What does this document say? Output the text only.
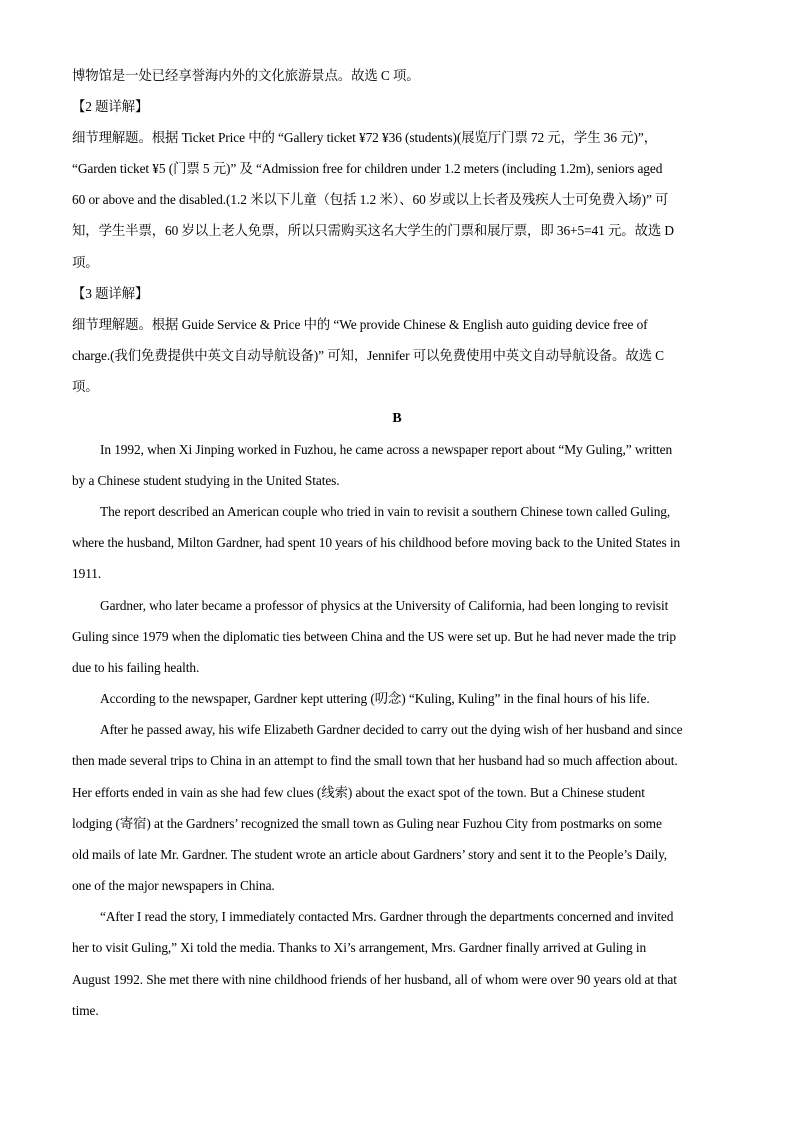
博物馆是一处已经享誉海内外的文化旅游景点。故选 C 项。
【2 题详解】
细节理解题。根据 Ticket Price 中的 “Gallery ticket ¥72 ¥36 (students)(展览厅门票 72 元，学生 36 元)”，
“Garden ticket ¥5 (门票 5 元)” 及 “Admission free for children under 1.2 meters (including 1.2m), seniors aged
60 or above and the disabled.(1.2 米以下儿童（包括 1.2 米）、60 岁或以上长者及残疾人士可免费入场)” 可
知，学生半票，60 岁以上老人免票，所以只需购买这名大学生的门票和展厅票，即 36+5=41 元。故选 D
项。
【3 题详解】
细节理解题。根据 Guide Service & Price 中的 “We provide Chinese & English auto guiding device free of
charge.(我们免费提供中英文自动导航设备)” 可知，Jennifer 可以免费使用中英文自动导航设备。故选 C
项。
B
In 1992, when Xi Jinping worked in Fuzhou, he came across a newspaper report about “My Guling,” written
by a Chinese student studying in the United States.
The report described an American couple who tried in vain to revisit a southern Chinese town called Guling,
where the husband, Milton Gardner, had spent 10 years of his childhood before moving back to the United States in
1911.
Gardner, who later became a professor of physics at the University of California, had been longing to revisit
Guling since 1979 when the diplomatic ties between China and the US were set up. But he had never made the trip
due to his failing health.
According to the newspaper, Gardner kept uttering (叨念) “Kuling, Kuling” in the final hours of his life.
After he passed away, his wife Elizabeth Gardner decided to carry out the dying wish of her husband and since
then made several trips to China in an attempt to find the small town that her husband had so much affection about.
Her efforts ended in vain as she had few clues (线索) about the exact spot of the town. But a Chinese student
lodging (寄宿) at the Gardners’ recognized the small town as Guling near Fuzhou City from postmarks on some
old mails of late Mr. Gardner. The student wrote an article about Gardners’ story and sent it to the People’s Daily,
one of the major newspapers in China.
“After I read the story, I immediately contacted Mrs. Gardner through the departments concerned and invited
her to visit Guling,” Xi told the media. Thanks to Xi’s arrangement, Mrs. Gardner finally arrived at Guling in
August 1992. She met there with nine childhood friends of her husband, all of whom were over 90 years old at that
time.
